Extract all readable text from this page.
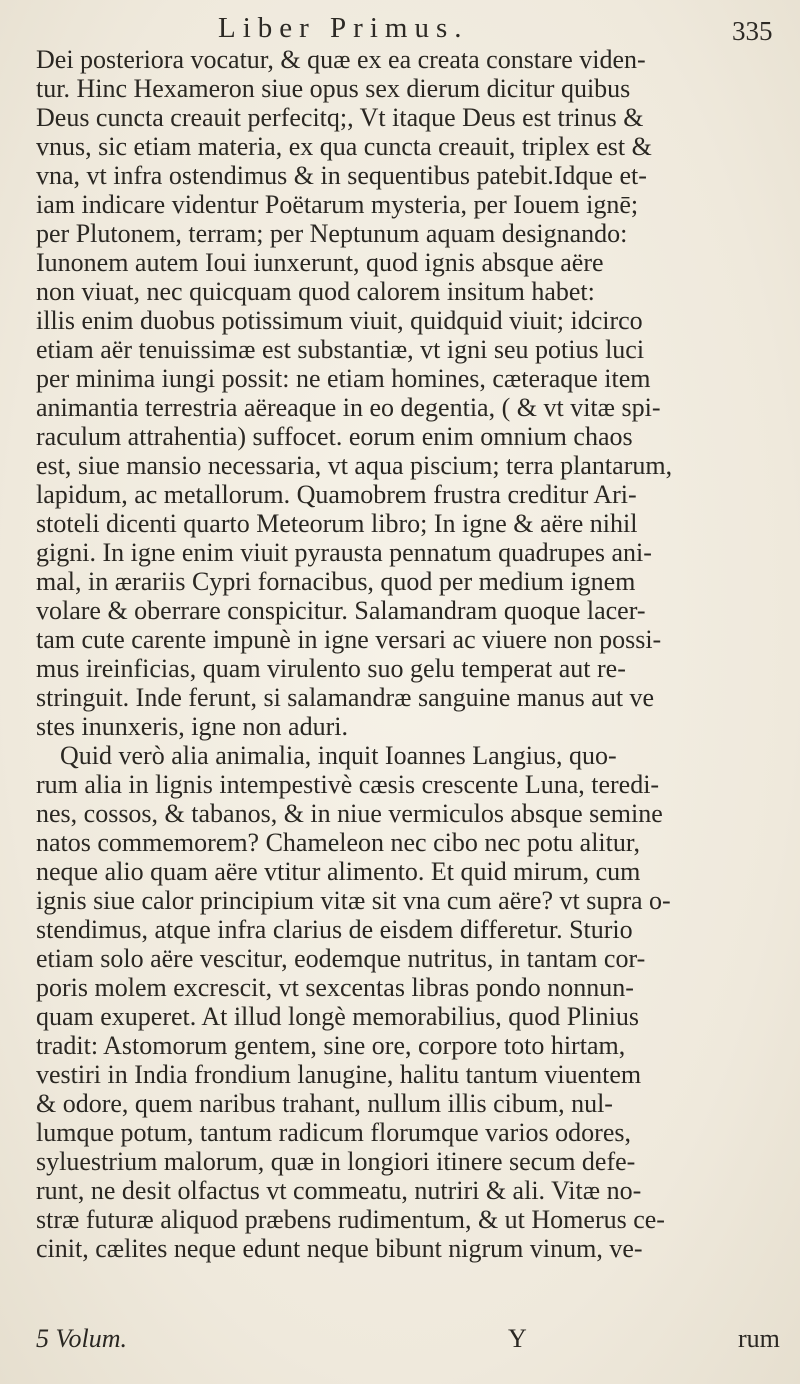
Liber Primus.	335
Dei posteriora vocatur, & quæ ex ea creata constare viden-
tur. Hinc Hexameron siue opus sex dierum dicitur quibus
Deus cuncta creauit perfecitq;, Vt itaque Deus est trinus &
vnus, sic etiam materia, ex qua cuncta creauit, triplex est &
vna, vt infra ostendimus & in sequentibus patebit.Idque et-
iam indicare videntur Poëtarum mysteria, per Iouem ignē;
per Plutonem, terram; per Neptunum aquam designando:
Iunonem autem Ioui iunxerunt, quod ignis absque aëre
non viuat, nec quicquam quod calorem insitum habet:
illis enim duobus potissimum viuit, quidquid viuit; idcirco
etiam aër tenuissimæ est substantiæ, vt igni seu potius luci
per minima iungi possit: ne etiam homines, cæteraque item
animantia terrestria aëreaque in eo degentia, ( & vt vitæ spi-
raculum attrahentia) suffocet. eorum enim omnium chaos
est, siue mansio necessaria, vt aqua piscium; terra plantarum,
lapidum, ac metallorum. Quamobrem frustra creditur Ari-
stoteli dicenti quarto Meteorum libro; In igne & aëre nihil
gigni. In igne enim viuit pyrausta pennatum quadrupes ani-
mal, in ærariis Cypri fornacibus, quod per medium ignem
volare & oberrare conspicitur. Salamandram quoque lacer-
tam cute carente impunè in igne versari ac viuere non possi-
mus ireinficias, quam virulento suo gelu temperat aut re-
stringuit. Inde ferunt, si salamandræ sanguine manus aut ve
stes inunxeris, igne non aduri.
Quid verò alia animalia, inquit Ioannes Langius, quo-
rum alia in lignis intempestivè cæsis crescente Luna, teredi-
nes, cossos, & tabanos, & in niue vermiculos absque semine
natos commemorem? Chameleon nec cibo nec potu alitur,
neque alio quam aëre vtitur alimento. Et quid mirum, cum
ignis siue calor principium vitæ sit vna cum aëre? vt supra o-
stendimus, atque infra clarius de eisdem differetur. Sturio
etiam solo aëre vescitur, eodemque nutritus, in tantam cor-
poris molem excrescit, vt sexcentas libras pondo nonnun-
quam exuperet. At illud longè memorabilius, quod Plinius
tradit: Astomorum gentem, sine ore, corpore toto hirtam,
vestiri in India frondium lanugine, halitu tantum viuentem
& odore, quem naribus trahant, nullum illis cibum, nul-
lumque potum, tantum radicum florumque varios odores,
syluestrium malorum, quæ in longiori itinere secum defe-
runt, ne desit olfactus vt commeatu, nutriri & ali. Vitæ no-
stræ futuræ aliquod præbens rudimentum, & ut Homerus ce-
cinit, cælites neque edunt neque bibunt nigrum vinum, ve-
5 Volum.	Y	rum
